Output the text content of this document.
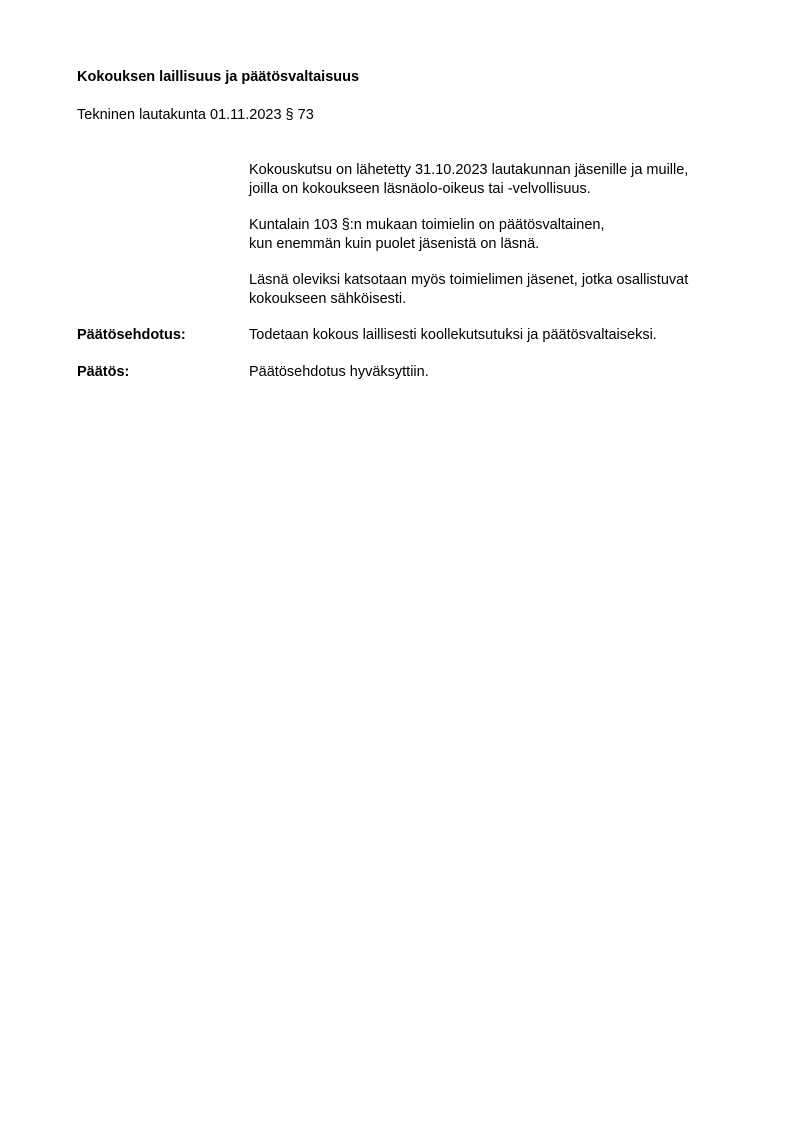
Kokouksen laillisuus ja päätösvaltaisuus
Tekninen lautakunta 01.11.2023 § 73
Kokouskutsu on lähetetty 31.10.2023 lautakunnan jäsenille ja muille,
joilla on kokoukseen läsnäolo-oikeus tai -velvollisuus.
Kuntalain 103 §:n mukaan toimielin on päätösvaltainen,
kun enemmän kuin puolet jäsenistä on läsnä.
Läsnä oleviksi katsotaan myös toimielimen jäsenet, jotka osallistuvat
kokoukseen sähköisesti.
Päätösehdotus:	Todetaan kokous laillisesti koollekutsutuksi ja päätösvaltaiseksi.
Päätös:	Päätösehdotus hyväksyttiin.
